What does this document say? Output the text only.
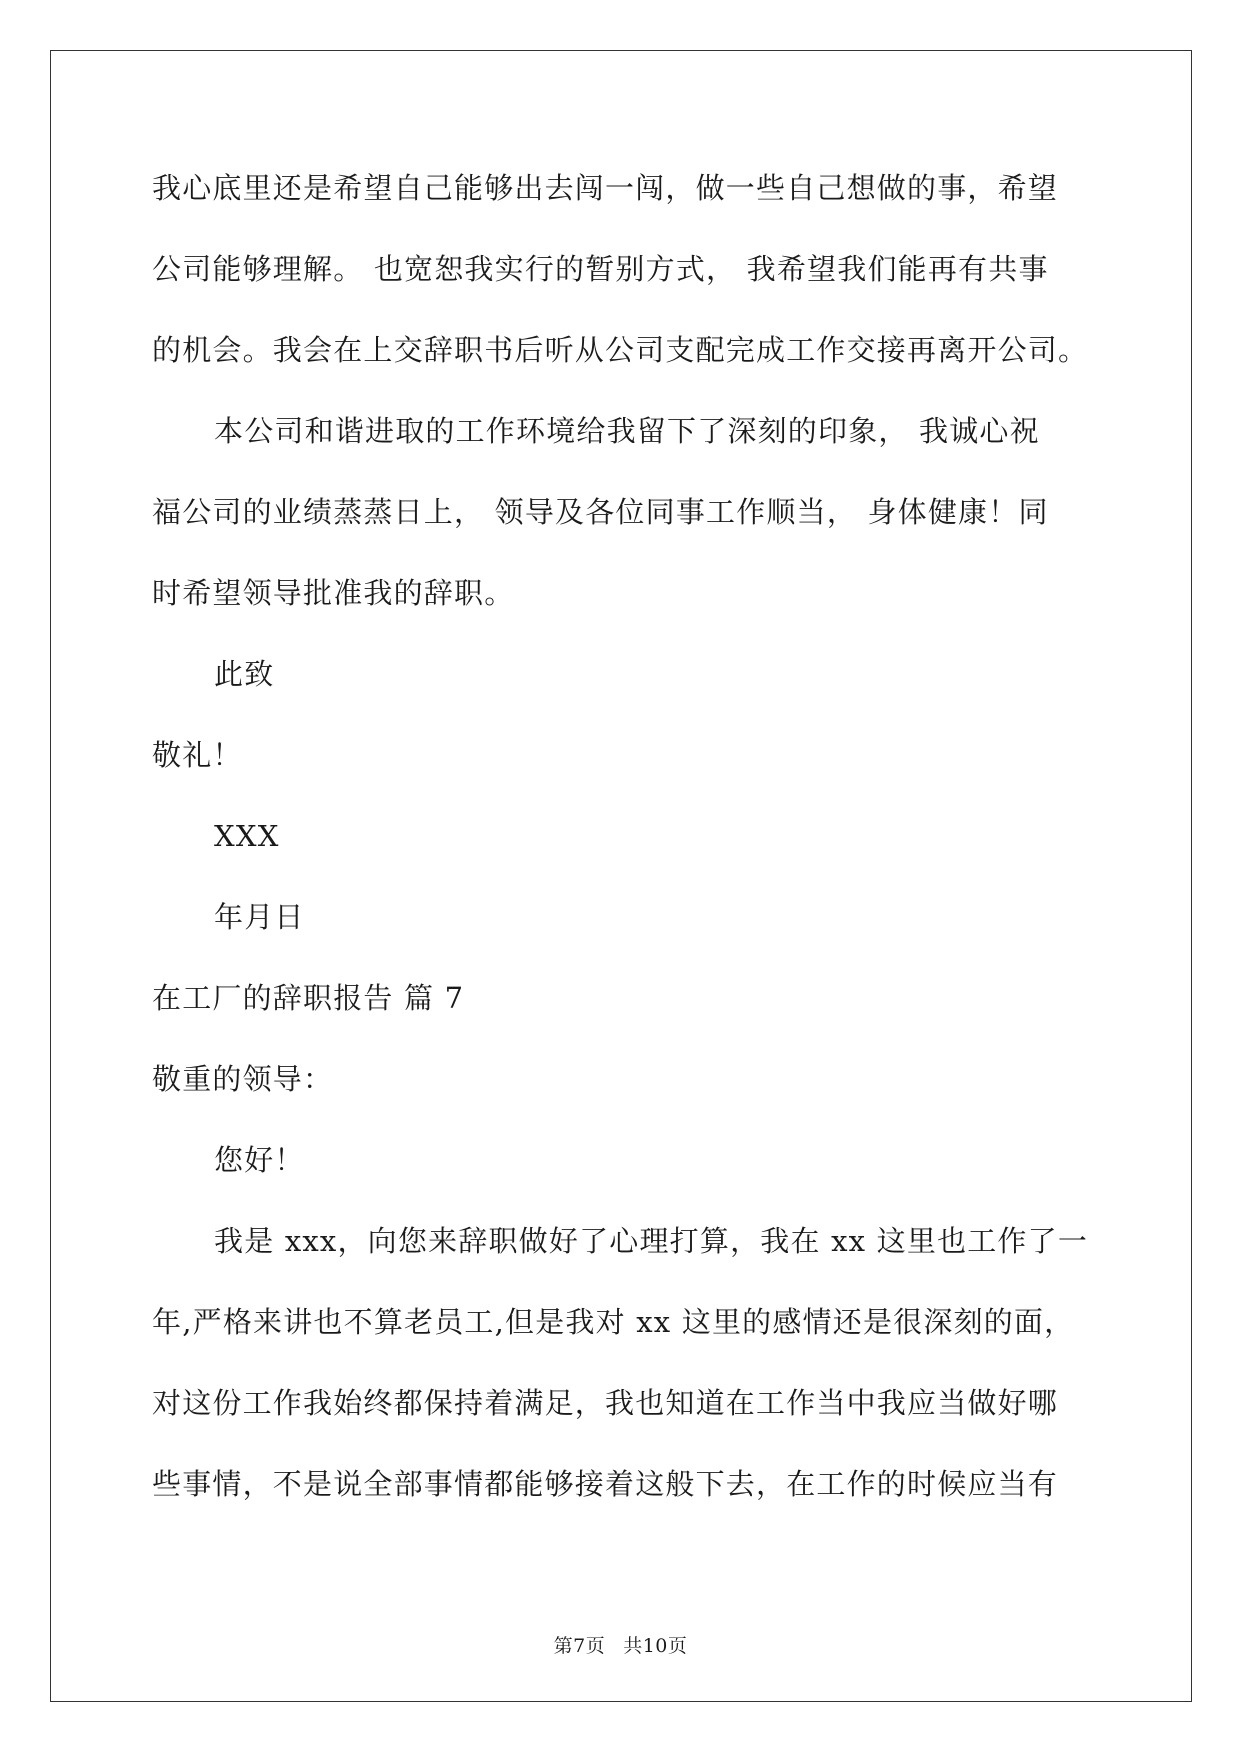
我心底里还是希望自己能够出去闯一闯，做一些自己想做的事，希望
公司能够理解。 也宽恕我实行的暂别方式， 我希望我们能再有共事
的机会。我会在上交辞职书后听从公司支配完成工作交接再离开公司。
本公司和谐进取的工作环境给我留下了深刻的印象， 我诚心祝
福公司的业绩蒸蒸日上， 领导及各位同事工作顺当， 身体健康！同
时希望领导批准我的辞职。
此致
敬礼！
XXX
年月日
在工厂的辞职报告 篇 7
敬重的领导：
您好！
我是 xxx，向您来辞职做好了心理打算，我在 xx 这里也工作了一
年,严格来讲也不算老员工,但是我对 xx 这里的感情还是很深刻的面，
对这份工作我始终都保持着满足，我也知道在工作当中我应当做好哪
些事情，不是说全部事情都能够接着这般下去，在工作的时候应当有
第7页 共10页
